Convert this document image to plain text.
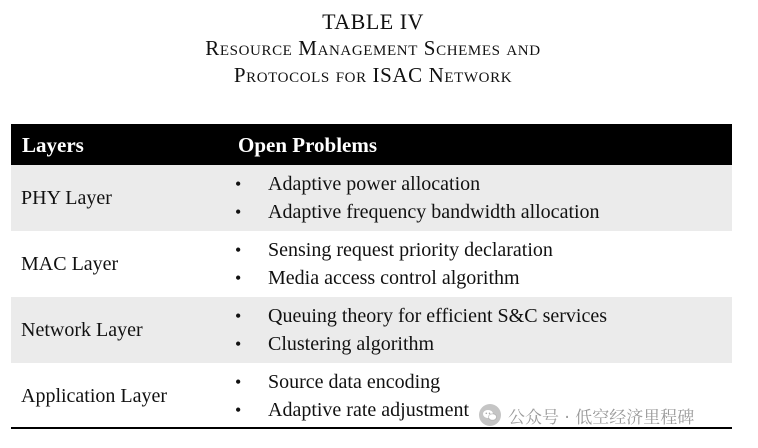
TABLE IV
Resource Management Schemes and
Protocols for ISAC Network
Layers	Open Problems
PHY Layer
• Adaptive power allocation
• Adaptive frequency bandwidth allocation
MAC Layer
• Sensing request priority declaration
• Media access control algorithm
Network Layer
• Queuing theory for efficient S&C services
• Clustering algorithm
Application Layer
• Source data encoding
• Adaptive rate adjustment 公众号 · 低空经济里程碑
